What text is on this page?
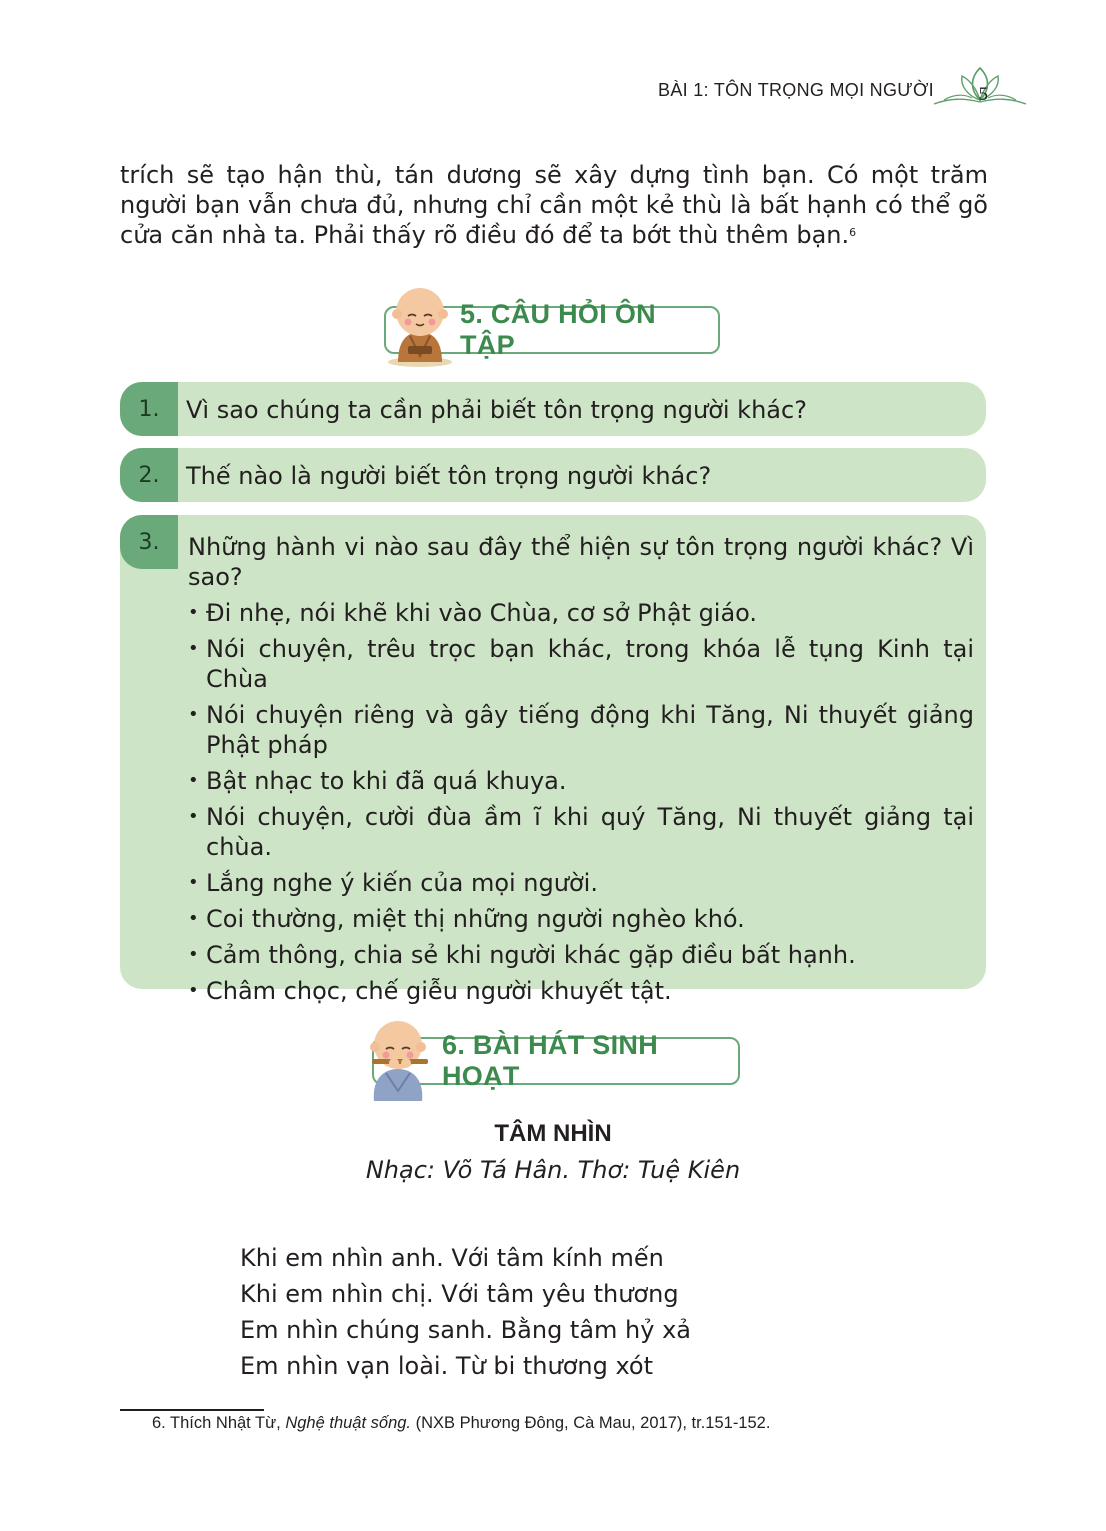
BÀI 1: TÔN TRỌNG MỌI NGƯỜI 5
trích sẽ tạo hận thù, tán dương sẽ xây dựng tình bạn. Có một trăm người bạn vẫn chưa đủ, nhưng chỉ cần một kẻ thù là bất hạnh có thể gõ cửa căn nhà ta. Phải thấy rõ điều đó để ta bớt thù thêm bạn.$^6$
5. CÂU HỎI ÔN TẬP
1.	Vì sao chúng ta cần phải biết tôn trọng người khác?
2.	Thế nào là người biết tôn trọng người khác?
3.	Những hành vi nào sau đây thể hiện sự tôn trọng người khác? Vì sao?
• Đi nhẹ, nói khẽ khi vào Chùa, cơ sở Phật giáo.
• Nói chuyện, trêu trọc bạn khác, trong khóa lễ tụng Kinh tại Chùa
• Nói chuyện riêng và gây tiếng động khi Tăng, Ni thuyết giảng Phật pháp
• Bật nhạc to khi đã quá khuya.
• Nói chuyện, cười đùa ầm ĩ khi quý Tăng, Ni thuyết giảng tại chùa.
• Lắng nghe ý kiến của mọi người.
• Coi thường, miệt thị những người nghèo khó.
• Cảm thông, chia sẻ khi người khác gặp điều bất hạnh.
• Châm chọc, chế giễu người khuyết tật.
6. BÀI HÁT SINH HOẠT
TÂM NHÌN
Nhạc: Võ Tá Hân. Thơ: Tuệ Kiên
Khi em nhìn anh. Với tâm kính mến
Khi em nhìn chị. Với tâm yêu thương
Em nhìn chúng sanh. Bằng tâm hỷ xả
Em nhìn vạn loài. Từ bi thương xót
6. Thích Nhật Từ, Nghệ thuật sống. (NXB Phương Đông, Cà Mau, 2017), tr.151-152.
